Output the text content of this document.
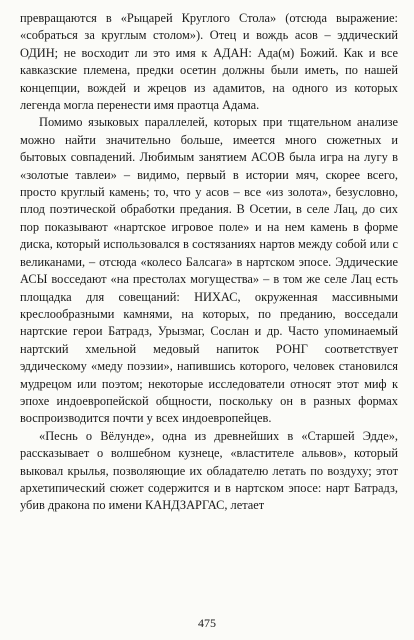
превращаются в «Рыцарей Круглого Стола» (отсюда выражение: «собраться за круглым столом»). Отец и вождь асов – эддический ОДИН; не восходит ли это имя к АДАН: Ада(м) Божий. Как и все кавказские племена, предки осетин должны были иметь, по нашей концепции, вождей и жрецов из адамитов, на одного из которых легенда могла перенести имя праотца Адама.

Помимо языковых параллелей, которых при тщательном анализе можно найти значительно больше, имеется много сюжетных и бытовых совпадений. Любимым занятием АСОВ была игра на лугу в «золотые тавлеи» – видимо, первый в истории мяч, скорее всего, просто круглый камень; то, что у асов – все «из золота», безусловно, плод поэтической обработки предания. В Осетии, в селе Лац, до сих пор показывают «нартское игровое поле» и на нем камень в форме диска, который использовался в состязаниях нартов между собой или с великанами, – отсюда «колесо Балсага» в нартском эпосе. Эддические АСЫ восседают «на престолах могущества» – в том же селе Лац есть площадка для совещаний: НИХАС, окруженная массивными креслообразными камнями, на которых, по преданию, восседали нартские герои Батрадз, Урызмаг, Сослан и др. Часто упоминаемый нартский хмельной медовый напиток РОНГ соответствует эддическому «меду поэзии», напившись которого, человек становился мудрецом или поэтом; некоторые исследователи относят этот миф к эпохе индоевропейской общности, поскольку он в разных формах воспроизводится почти у всех индоевропейцев.

«Песнь о Вёлунде», одна из древнейших в «Старшей Эдде», рассказывает о волшебном кузнеце, «властителе альвов», который выковал крылья, позволяющие их обладателю летать по воздуху; этот архетипический сюжет содержится и в нартском эпосе: нарт Батрадз, убив дракона по имени КАНДЗАРГАС, летает

475
